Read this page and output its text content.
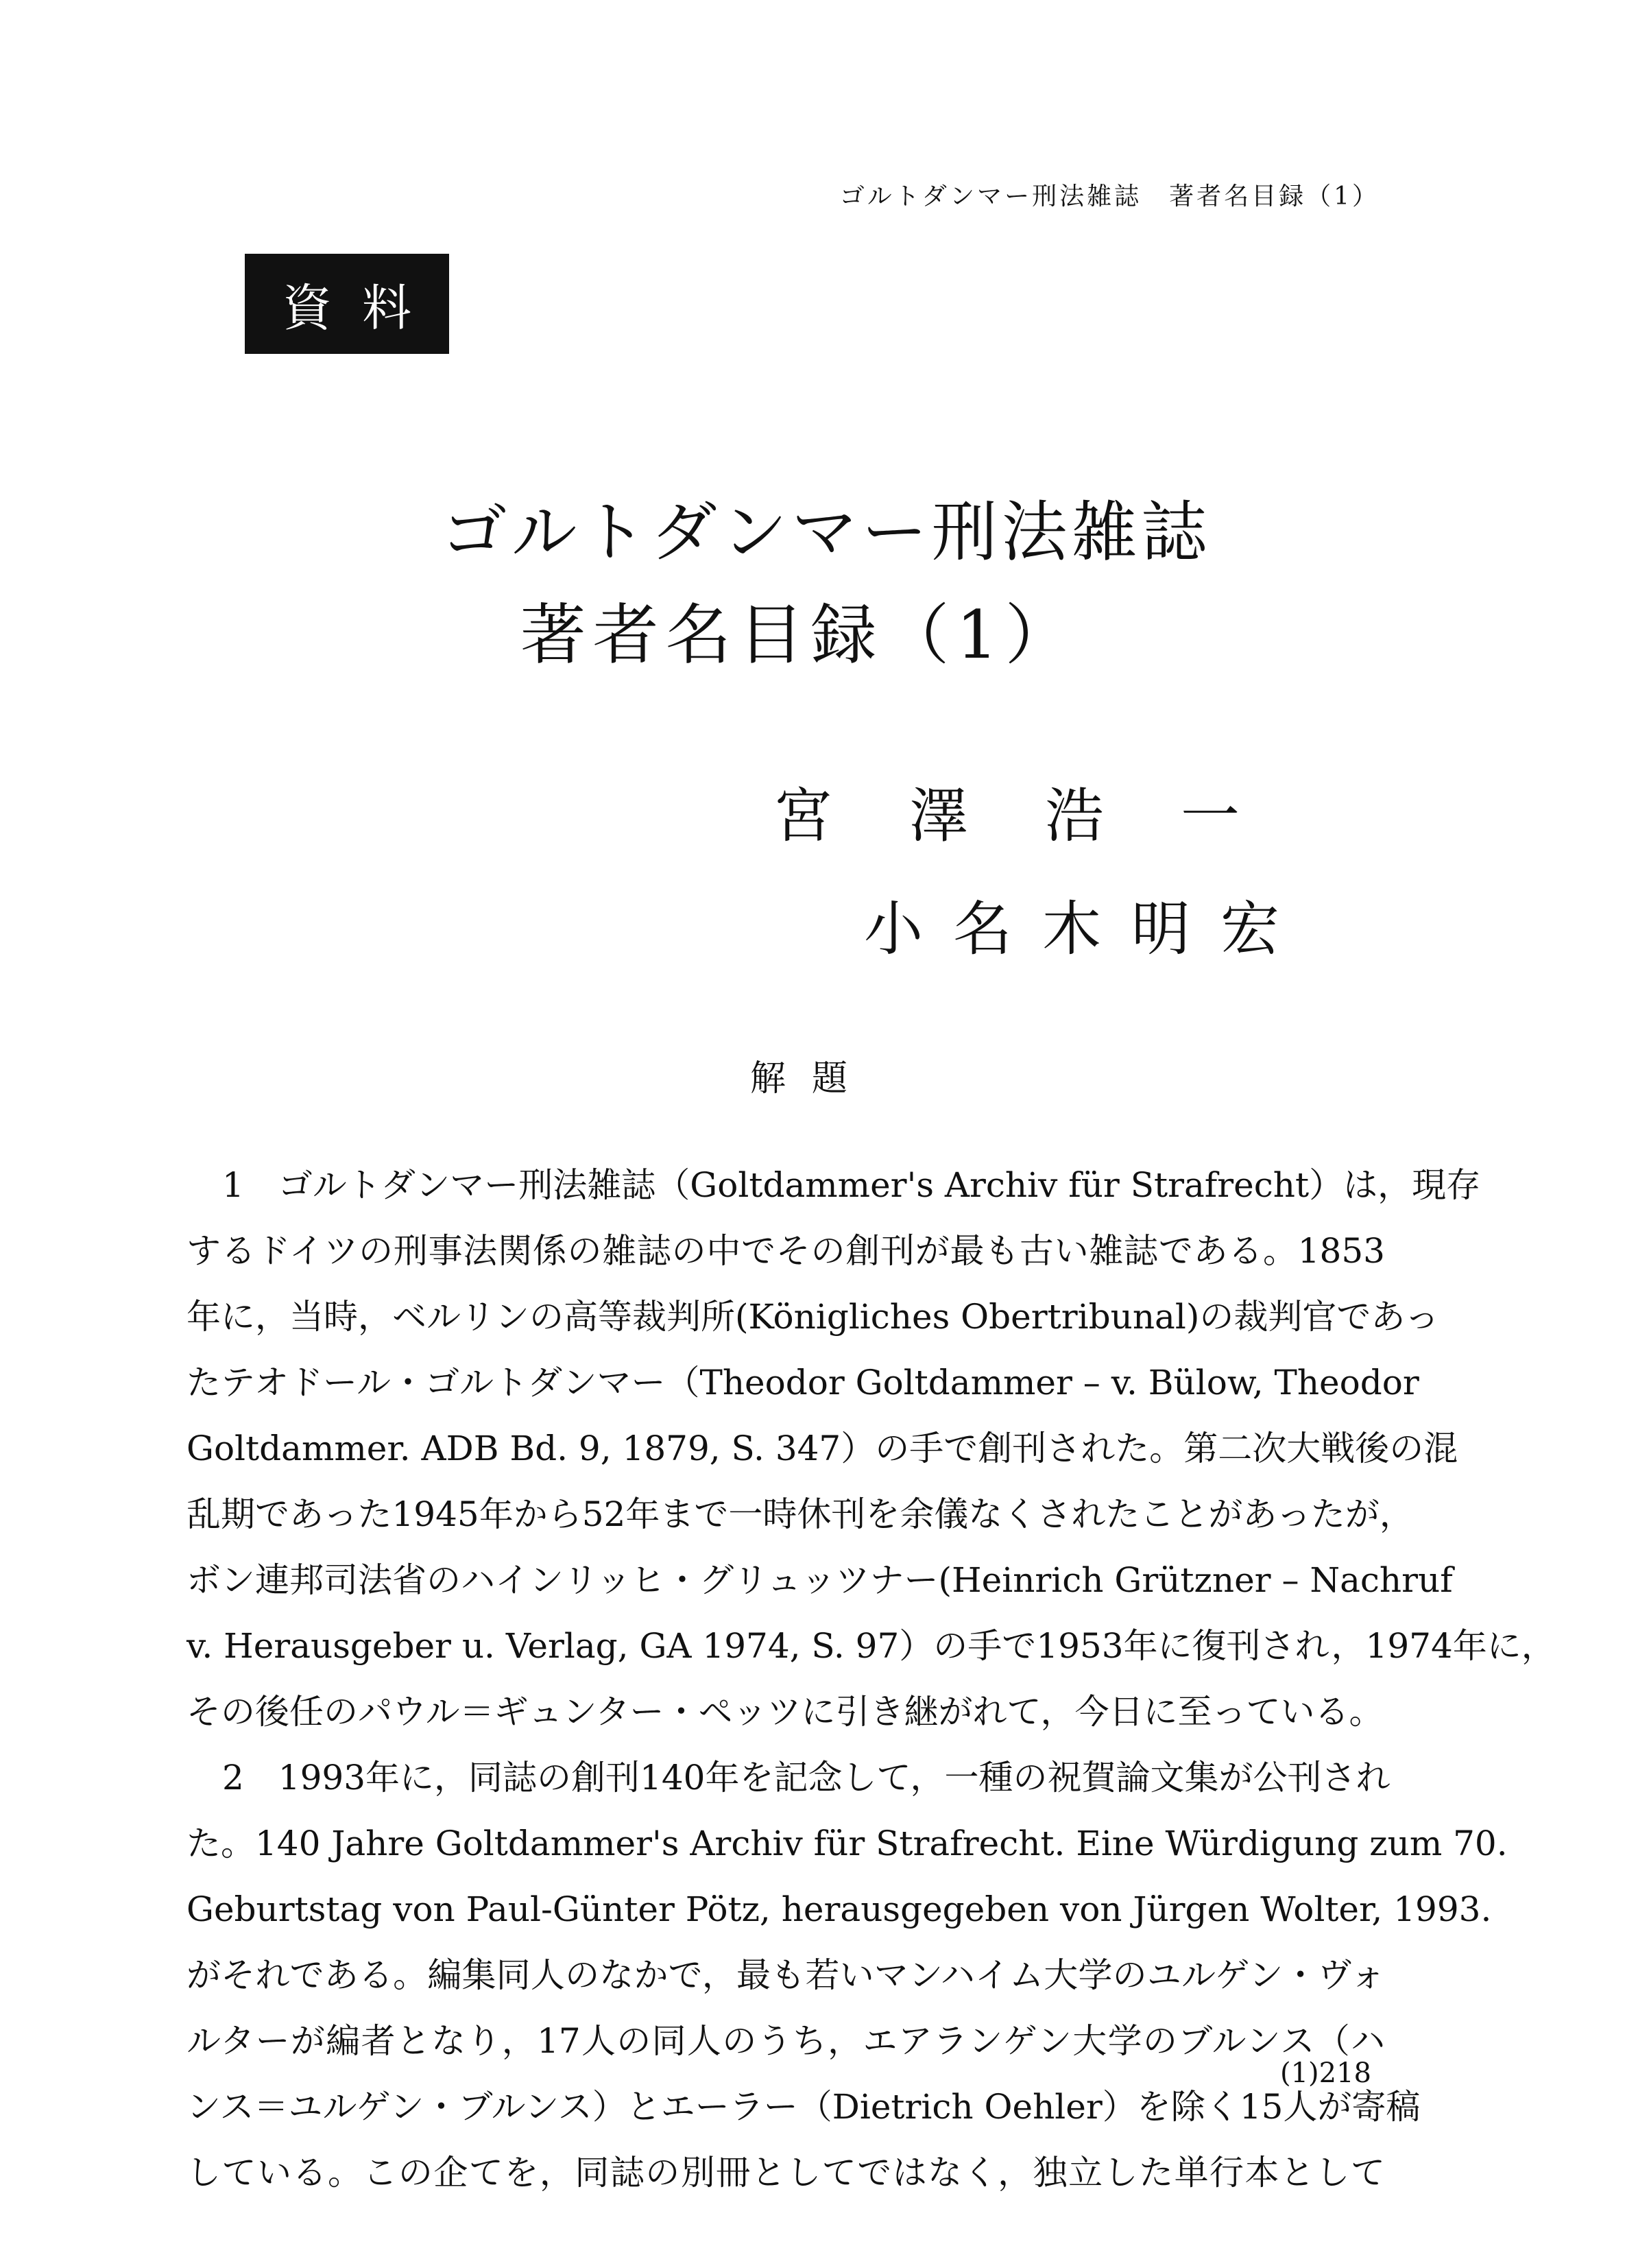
ゴルトダンマー刑法雑誌　著者名目録（1）
資料
ゴルトダンマー刑法雑誌
著者名目録（1）
宮澤浩一
小名木明宏
解題
1　ゴルトダンマー刑法雑誌（Goltdammer's Archiv für Strafrecht）は，現存
するドイツの刑事法関係の雑誌の中でその創刊が最も古い雑誌である。1853
年に，当時，ベルリンの高等裁判所(Königliches Obertribunal)の裁判官であっ
たテオドール・ゴルトダンマー（Theodor Goltdammer – v. Bülow, Theodor
Goltdammer. ADB Bd. 9, 1879, S. 347）の手で創刊された。第二次大戦後の混
乱期であった1945年から52年まで一時休刊を余儀なくされたことがあったが，
ボン連邦司法省のハインリッヒ・グリュッツナー(Heinrich Grützner – Nachruf
v. Herausgeber u. Verlag, GA 1974, S. 97）の手で1953年に復刊され，1974年に，
その後任のパウル＝ギュンター・ペッツに引き継がれて，今日に至っている。
2　1993年に，同誌の創刊140年を記念して，一種の祝賀論文集が公刊され
た。140 Jahre Goltdammer's Archiv für Strafrecht. Eine Würdigung zum 70.
Geburtstag von Paul-Günter Pötz, herausgegeben von Jürgen Wolter, 1993.
がそれである。編集同人のなかで，最も若いマンハイム大学のユルゲン・ヴォ
ルターが編者となり，17人の同人のうち，エアランゲン大学のブルンス（ハ
ンス＝ユルゲン・ブルンス）とエーラー（Dietrich Oehler）を除く15人が寄稿
している。この企てを，同誌の別冊としてではなく，独立した単行本として
(1)218
